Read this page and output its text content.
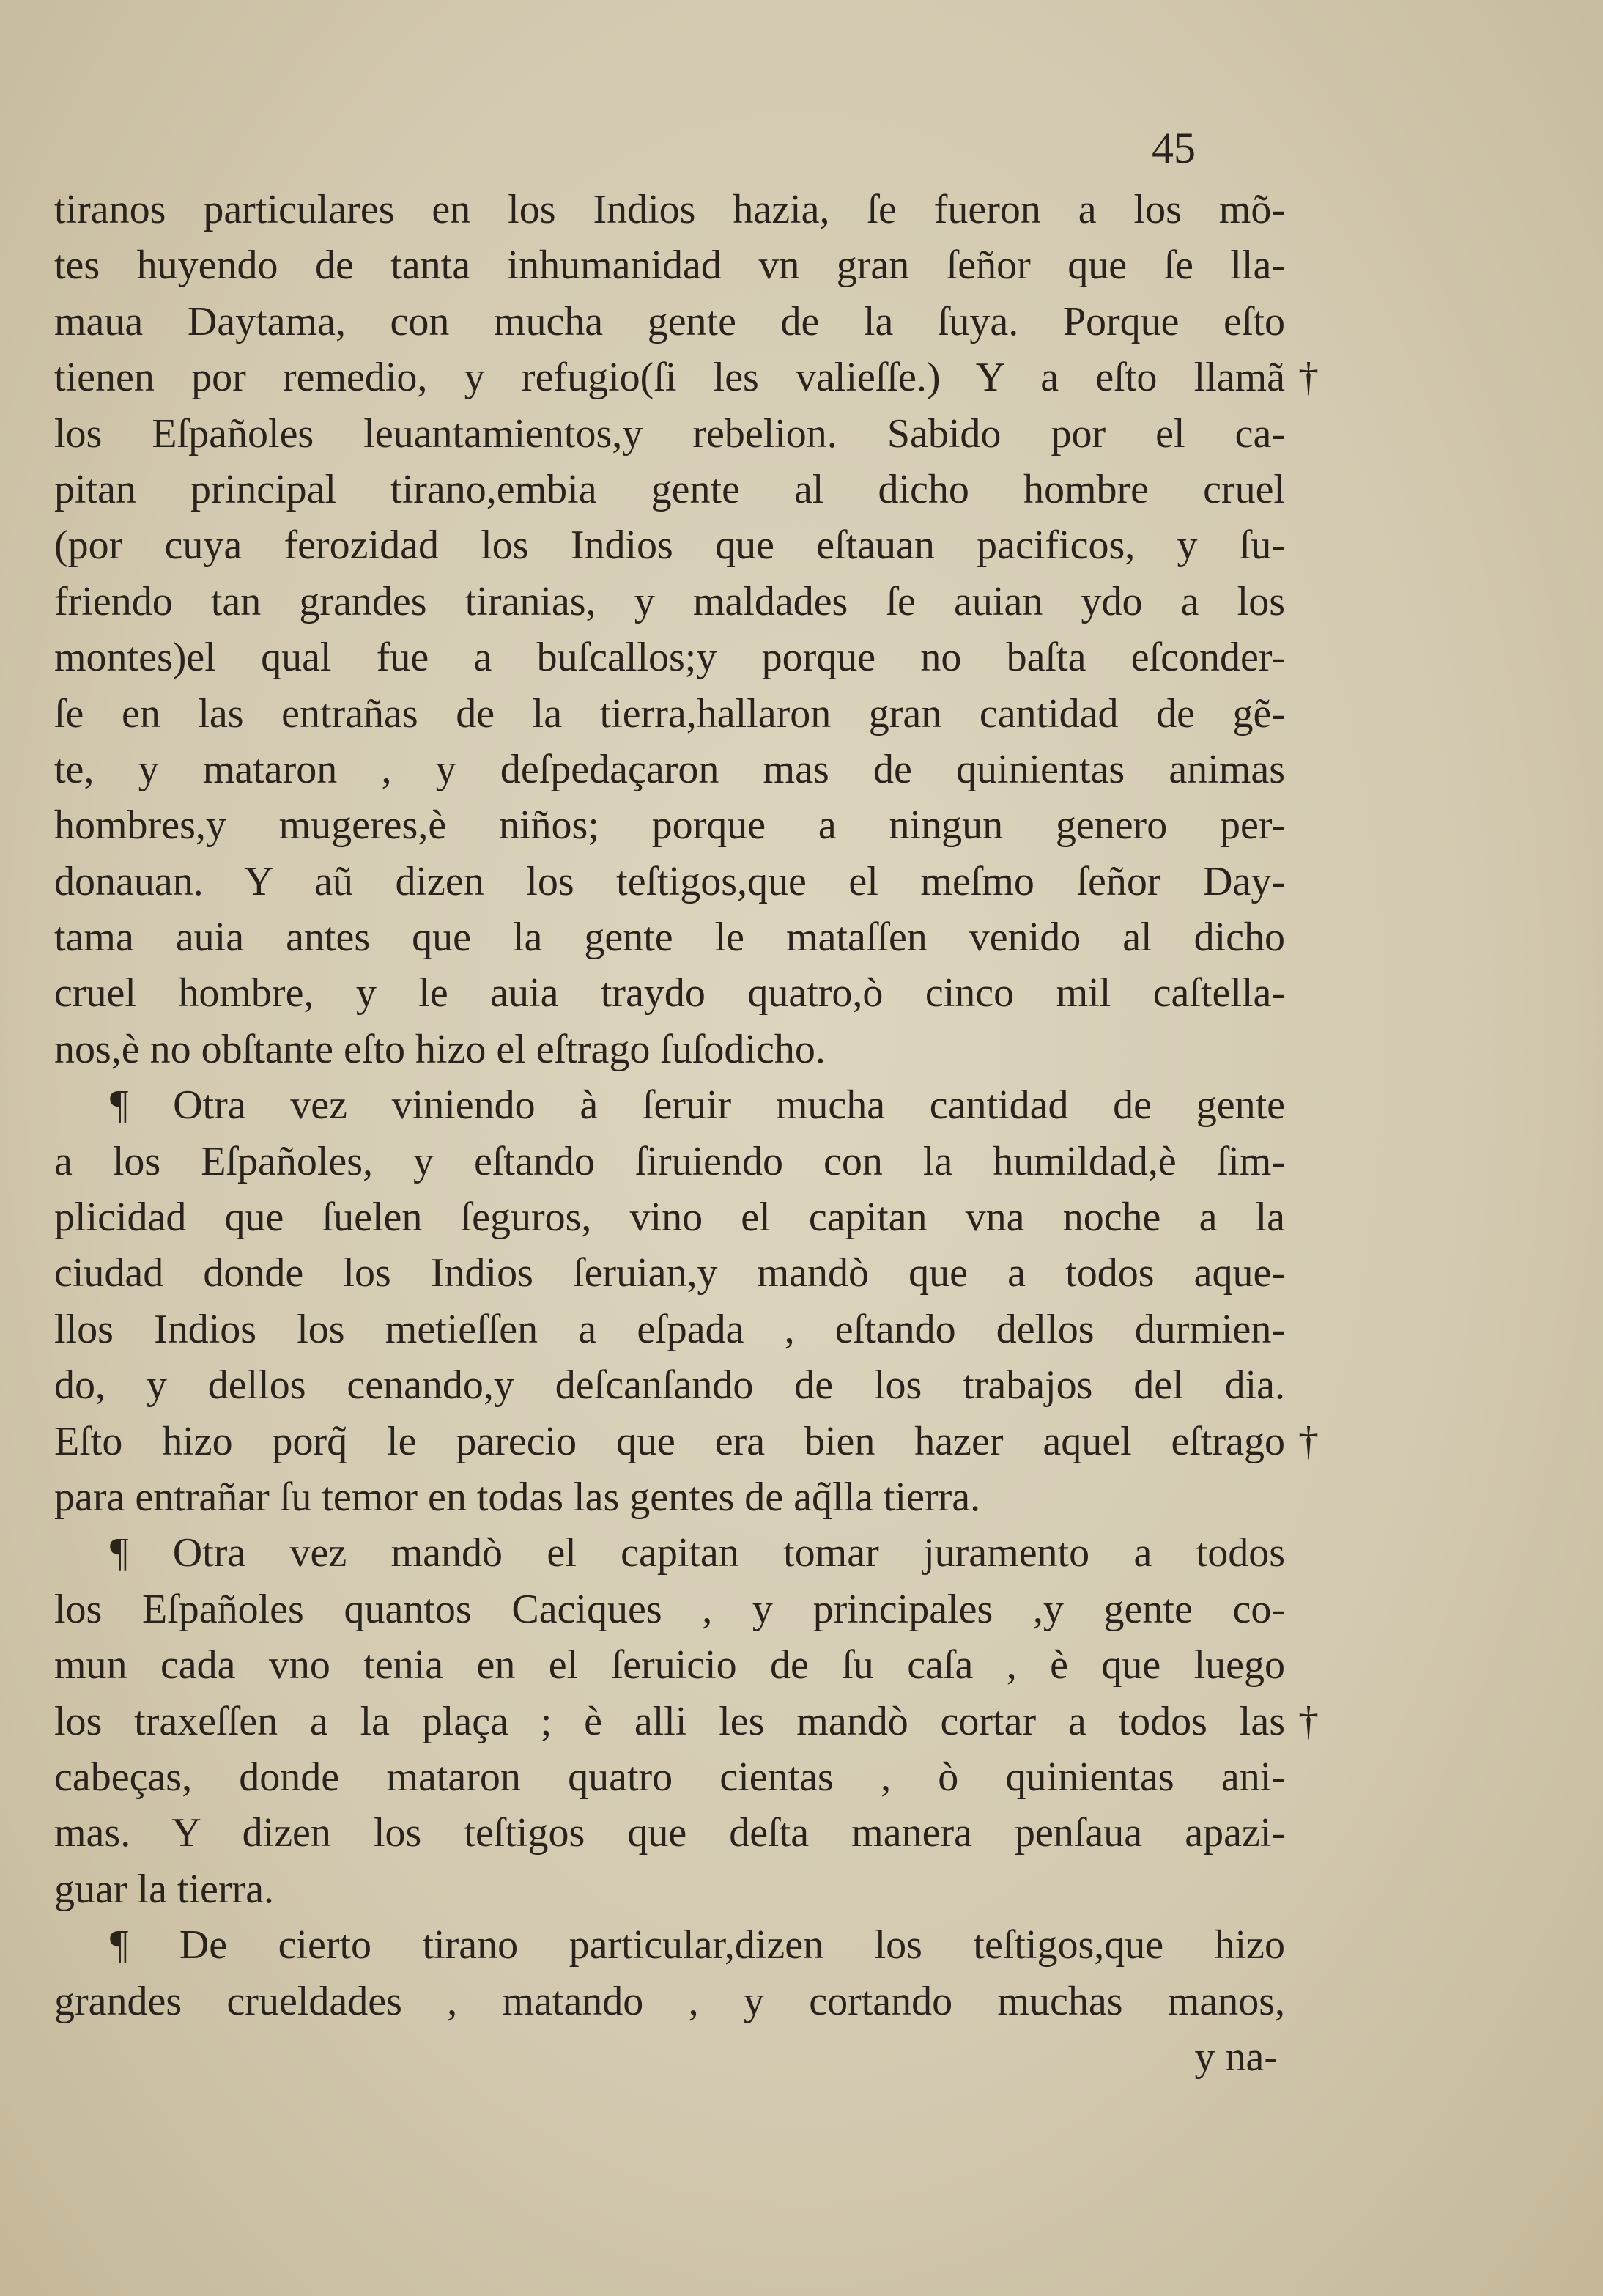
45
tiranos particulares en los Indios hazia, ſe fueron a los mõ-
tes huyendo de tanta inhumanidad vn gran ſeñor que ſe lla-
maua Daytama, con mucha gente de la ſuya. Porque eſto
tienen por remedio, y refugio(ſi les valieſſe.) Y a eſto llamã
los Eſpañoles leuantamientos,y rebelion. Sabido por el ca-
pitan principal tirano,embia gente al dicho hombre cruel
(por cuya ferozidad los Indios que eſtauan pacificos, y ſu-
friendo tan grandes tiranias, y maldades ſe auian ydo a los
montes)el qual fue a buſcallos;y porque no baſta eſconder-
ſe en las entrañas de la tierra,hallaron gran cantidad de gẽ-
te, y mataron , y deſpedaçaron mas de quinientas animas
hombres,y mugeres,è niños; porque a ningun genero per-
donauan. Y aũ dizen los teſtigos,que el meſmo ſeñor Day-
tama auia antes que la gente le mataſſen venido al dicho
cruel hombre, y le auia traydo quatro,ò cinco mil caſtella-
nos,è no obſtante eſto hizo el eſtrago ſuſodicho.
¶ Otra vez viniendo à ſeruir mucha cantidad de gente
a los Eſpañoles, y eſtando ſiruiendo con la humildad,è ſim-
plicidad que ſuelen ſeguros, vino el capitan vna noche a la
ciudad donde los Indios ſeruian,y mandò que a todos aque-
llos Indios los metieſſen a eſpada , eſtando dellos durmien-
do, y dellos cenando,y deſcanſando de los trabajos del dia.
Eſto hizo porq̃ le parecio que era bien hazer aquel eſtrago
para entrañar ſu temor en todas las gentes de aq̃lla tierra.
¶ Otra vez mandò el capitan tomar juramento a todos
los Eſpañoles quantos Caciques , y principales ,y gente co-
mun cada vno tenia en el ſeruicio de ſu caſa , è que luego
los traxeſſen a la plaça ; è alli les mandò cortar a todos las
cabeças, donde mataron quatro cientas , ò quinientas ani-
mas. Y dizen los teſtigos que deſta manera penſaua apazi-
guar la tierra.
¶ De cierto tirano particular,dizen los teſtigos,que hizo
grandes crueldades , matando , y cortando muchas manos,
y na-
†
†
†
